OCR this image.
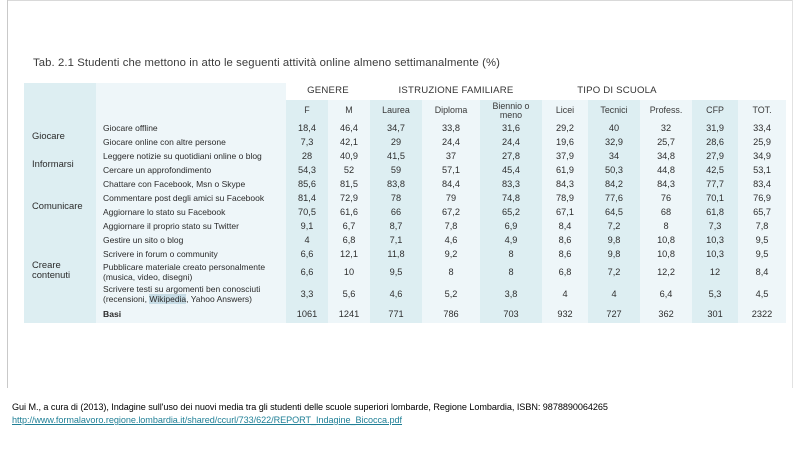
Tab. 2.1 Studenti che mettono in atto le seguenti attività online almeno settimanalmente (%)
		GENERE		ISTRUZIONE FAMILIARE			TIPO DI SCUOLA				
		F	M	Laurea	Diploma	Biennio o
meno	Licei	Tecnici	Profess.	CFP	TOT.
Giocare	Giocare offline	18,4	46,4	34,7	33,8	31,6	29,2	40	32	31,9	33,4
	Giocare online con altre persone	7,3	42,1	29	24,4	24,4	19,6	32,9	25,7	28,6	25,9
Informarsi	Leggere notizie su quotidiani online o blog	28	40,9	41,5	37	27,8	37,9	34	34,8	27,9	34,9
	Cercare un approfondimento	54,3	52	59	57,1	45,4	61,9	50,3	44,8	42,5	53,1
Comunicare	Chattare con Facebook, Msn o Skype	85,6	81,5	83,8	84,4	83,3	84,3	84,2	84,3	77,7	83,4
	Commentare post degli amici su Facebook	81,4	72,9	78	79	74,8	78,9	77,6	76	70,1	76,9
	Aggiornare lo stato su Facebook	70,5	61,6	66	67,2	65,2	67,1	64,5	68	61,8	65,7
	Aggiornare il proprio stato su Twitter	9,1	6,7	8,7	7,8	6,9	8,4	7,2	8	7,3	7,8

Creare
contenuti	Gestire un sito o blog	4	6,8	7,1	4,6	4,9	8,6	9,8	10,8	10,3	9,5
	Scrivere in forum o community	6,6	12,1	11,8	9,2	8	8,6	9,8	10,8	10,3	9,5

	Pubblicare materiale creato personalmente
(musica, video, disegni)	6,6	10	9,5	8	8	6,8	7,2	12,2	12	8,4

	Scrivere testi su argomenti ben conosciuti
(recensioni, Wikipedia, Yahoo Answers)	3,3	5,6	4,6	5,2	3,8	4	4	6,4	5,3	4,5
	Basi	1061	1241	771	786	703	932	727	362	301	2322
Gui M., a cura di (2013), Indagine sull'uso dei nuovi media tra gli studenti delle scuole superiori lombarde, Regione Lombardia, ISBN: 9878890064265
http://www.formalavoro.regione.lombardia.it/shared/ccurl/733/622/REPORT_Indagine_Bicocca.pdf
